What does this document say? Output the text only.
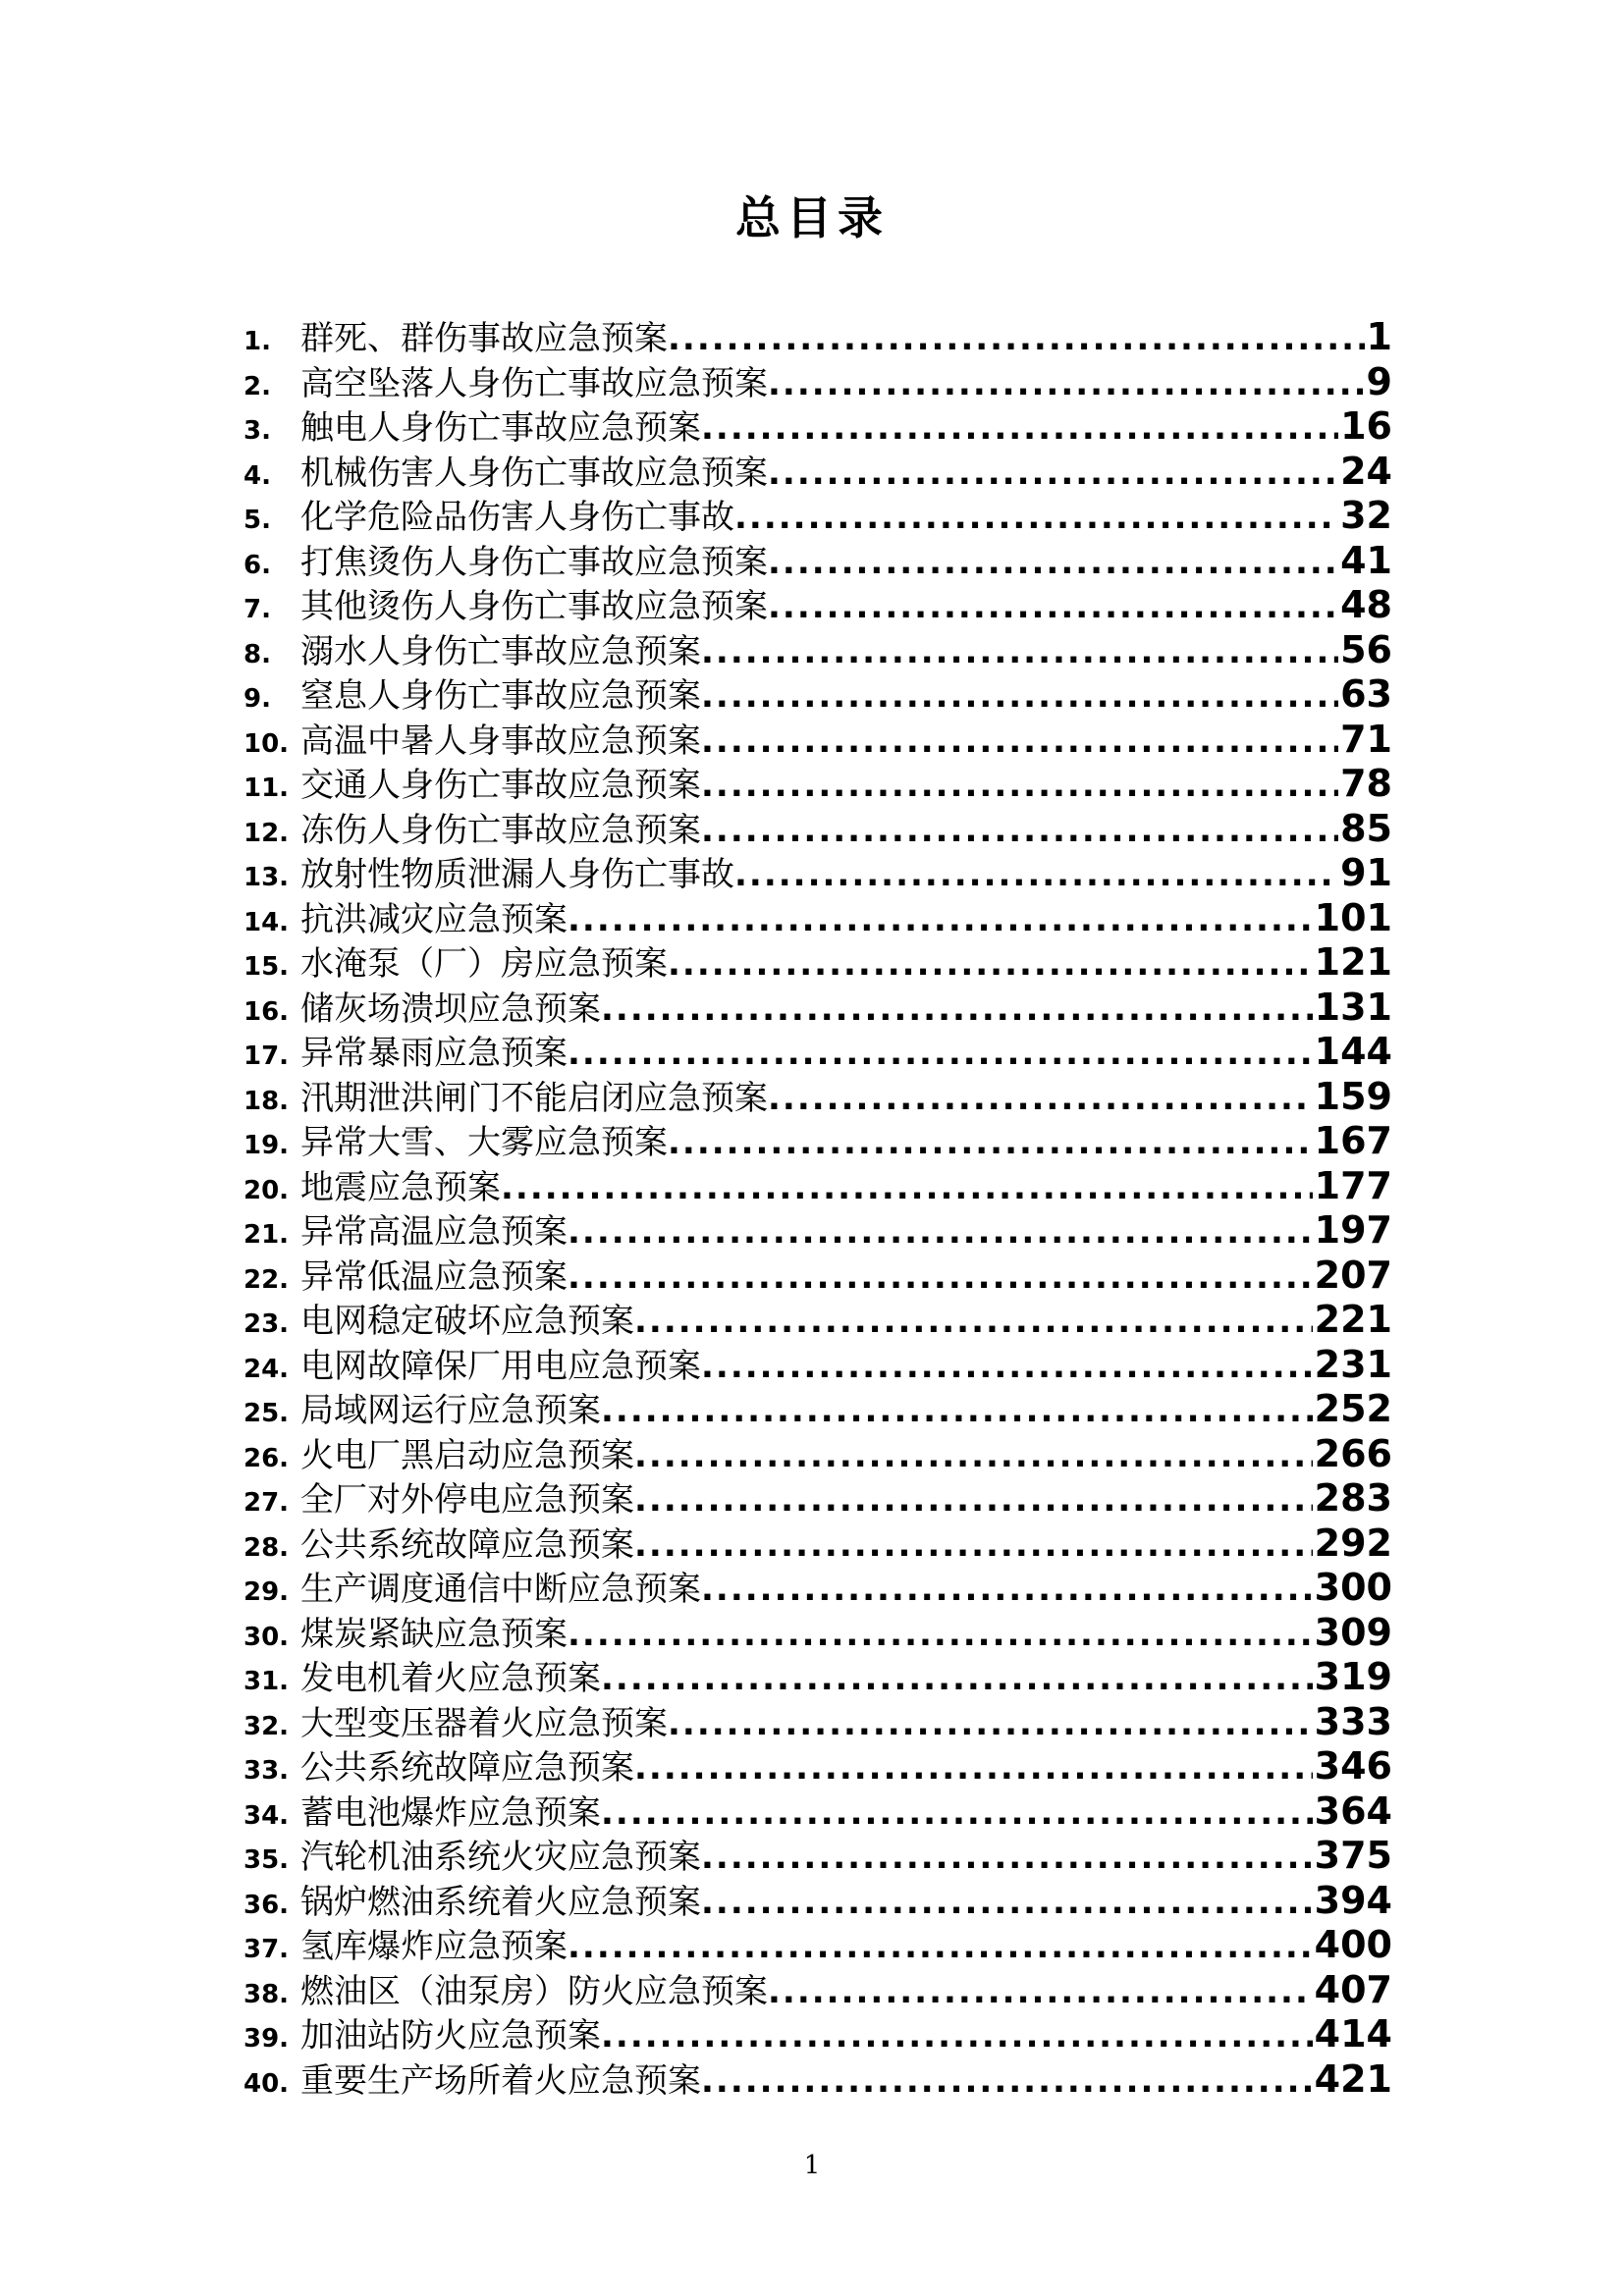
总目录
1. 群死、群伤事故应急预案 .....	1
2. 高空坠落人身伤亡事故应急预案 .....	9
3. 触电人身伤亡事故应急预案 .....	16
4. 机械伤害人身伤亡事故应急预案 .....	24
5. 化学危险品伤害人身伤亡事故 .....	32
6. 打焦烫伤人身伤亡事故应急预案 .....	41
7. 其他烫伤人身伤亡事故应急预案 .....	48
8. 溺水人身伤亡事故应急预案 .....	56
9. 窒息人身伤亡事故应急预案 .....	63
10. 高温中暑人身事故应急预案 .....	71
11. 交通人身伤亡事故应急预案 .....	78
12. 冻伤人身伤亡事故应急预案 .....	85
13. 放射性物质泄漏人身伤亡事故 .....	91
14. 抗洪减灾应急预案 .....	101
15. 水淹泵（厂）房应急预案 .....	121
16. 储灰场溃坝应急预案 .....	131
17. 异常暴雨应急预案 .....	144
18. 汛期泄洪闸门不能启闭应急预案 .....	159
19. 异常大雪、大雾应急预案 .....	167
20. 地震应急预案 .....	177
21. 异常高温应急预案 .....	197
22. 异常低温应急预案 .....	207
23. 电网稳定破坏应急预案 .....	221
24. 电网故障保厂用电应急预案 .....	231
25. 局域网运行应急预案 .....	252
26. 火电厂黑启动应急预案 .....	266
27. 全厂对外停电应急预案 .....	283
28. 公共系统故障应急预案 .....	292
29. 生产调度通信中断应急预案 .....	300
30. 煤炭紧缺应急预案 .....	309
31. 发电机着火应急预案 .....	319
32. 大型变压器着火应急预案 .....	333
33. 公共系统故障应急预案 .....	346
34. 蓄电池爆炸应急预案 .....	364
35. 汽轮机油系统火灾应急预案 .....	375
36. 锅炉燃油系统着火应急预案 .....	394
37. 氢库爆炸应急预案 .....	400
38. 燃油区（油泵房）防火应急预案 .....	407
39. 加油站防火应急预案 .....	414
40. 重要生产场所着火应急预案 .....	421
1
